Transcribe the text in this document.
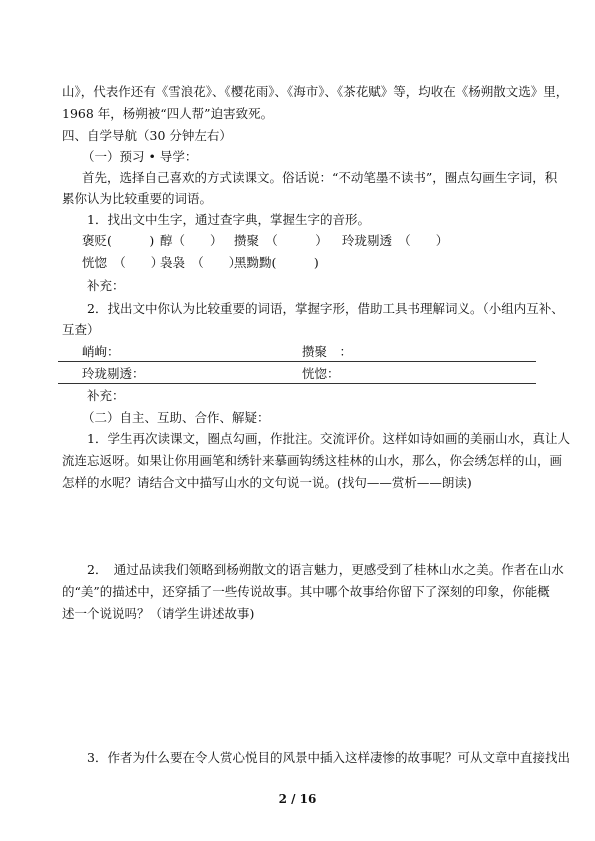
山》，代表作还有《雪浪花》、《樱花雨》、《海市》、《茶花赋》等，均收在《杨朔散文选》里，
1968 年，杨朔被“四人帮”迫害致死。
四、自学导航（30 分钟左右）
（一）预习 • 导学：
首先，选择自己喜欢的方式读课文。俗话说：“不动笔墨不读书”，圈点勾画生字词，积
累你认为比较重要的词语。
1．找出文中生字，通过查字典，掌握生字的音形。
褒贬(　　　) 醇（　　） 攒聚　（　　　） 玲珑剔透　（　　）
恍惚　（　　）
袅袅　（　　）
黑黝黝(　　　)
补充：
2．找出文中你认为比较重要的词语，掌握字形，借助工具书理解词义。（小组内互补、
互查）
峭峋：	攒聚　：
玲珑剔透：	恍惚：
补充：
（二）自主、互助、合作、解疑：
1．学生再次读课文，圈点勾画，作批注。交流评价。这样如诗如画的美丽山水，真让人
流连忘返呀。如果让你用画笔和绣针来摹画钩绣这桂林的山水，那么，你会绣怎样的山，画
怎样的水呢？请结合文中描写山水的文句说一说。(找句——赏析——朗读)
2．　通过品读我们领略到杨朔散文的语言魅力，更感受到了桂林山水之美。作者在山水
的“美”的描述中，还穿插了一些传说故事。其中哪个故事给你留下了深刻的印象，你能概
述一个说说吗？（请学生讲述故事)
3．作者为什么要在令人赏心悦目的风景中插入这样凄惨的故事呢？可从文章中直接找出
2 / 16
